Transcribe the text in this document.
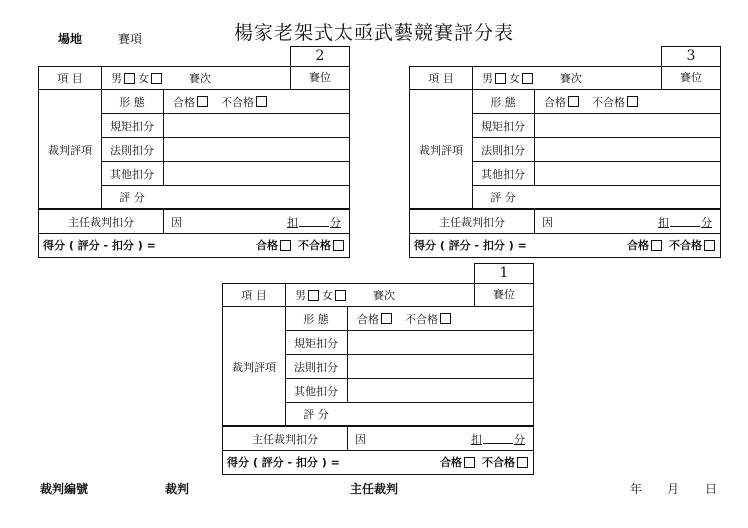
楊家老架式太亟武藝競賽評分表
場地	賽項
2
賽位
項 目	男 女	賽次
裁判評項
形 態	合格 不合格
規矩扣分
法則扣分
其他扣分
評 分
主任裁判扣分	因	扣	分
得分 ( 評分 - 扣分 ) =	合格 不合格
3
賽位
項 目	男 女	賽次
裁判評項
形 態	合格 不合格
規矩扣分
法則扣分
其他扣分
評 分
主任裁判扣分	因	扣	分
得分 ( 評分 - 扣分 ) =	合格 不合格
1
賽位
項 目	男 女	賽次
裁判評項
形 態	合格 不合格
規矩扣分
法則扣分
其他扣分
評 分
主任裁判扣分	因	扣	分
得分 ( 評分 - 扣分 ) =	合格 不合格
裁判編號	裁判	主任裁判	年 月 日
